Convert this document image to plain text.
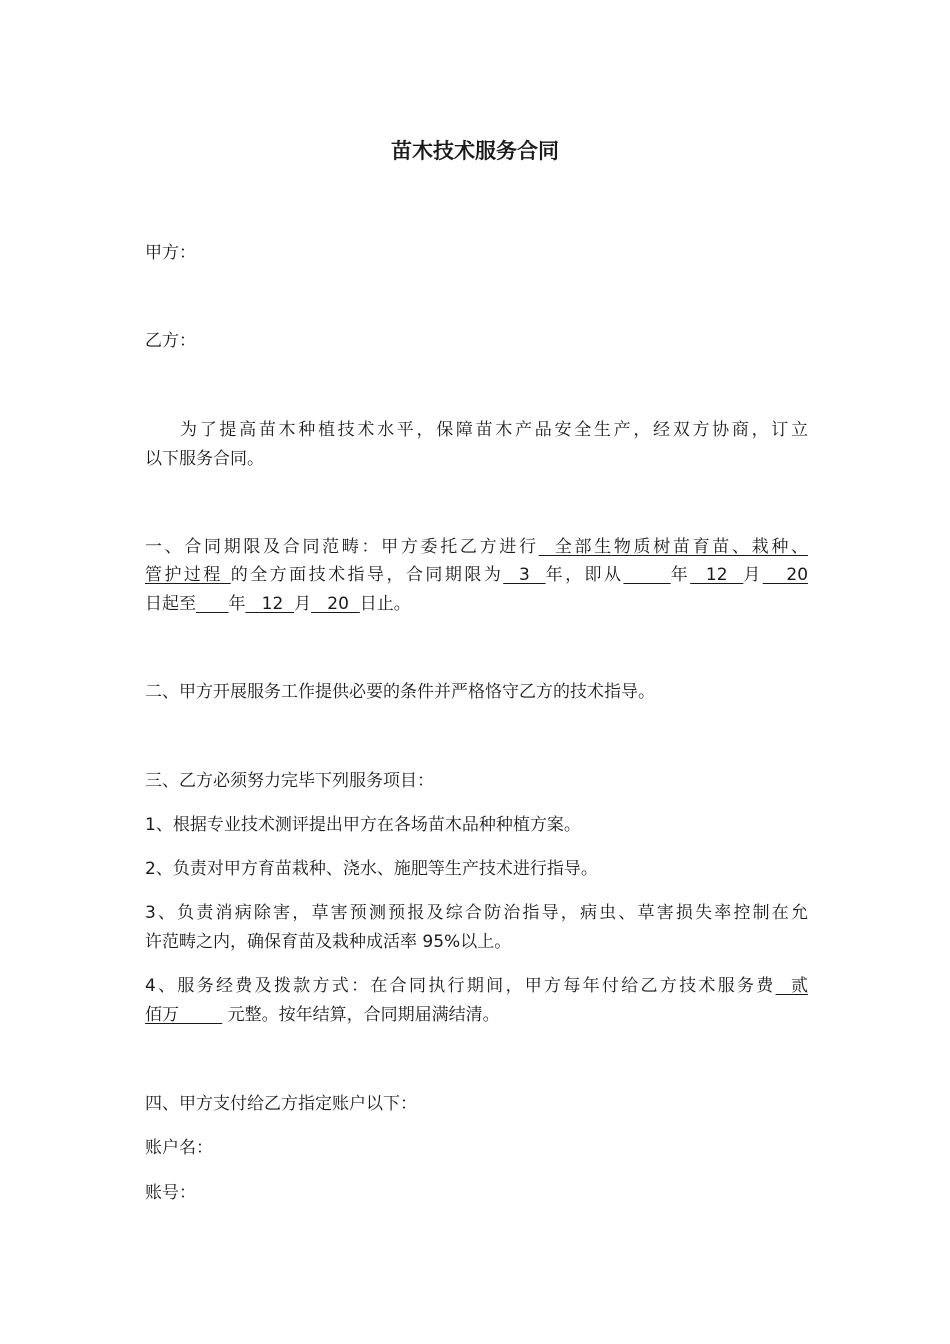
苗木技术服务合同
甲方：
乙方：
为了提高苗木种植技术水平，保障苗木产品安全生产，经双方协商，订立
以下服务合同。
一、合同期限及合同范畴：甲方委托乙方进行  全部生物质树苗育苗、栽种、
管护过程 的全方面技术指导，合同期限为  3  年，即从	年  12  月   20
日起至 年   12  月   20  日止。
二、甲方开展服务工作提供必要的条件并严格恪守乙方的技术指导。
三、乙方必须努力完毕下列服务项目：
1、根据专业技术测评提出甲方在各场苗木品种种植方案。
2、负责对甲方育苗栽种、浇水、施肥等生产技术进行指导。
3、负责消病除害，草害预测预报及综合防治指导，病虫、草害损失率控制在允
许范畴之内，确保育苗及栽种成活率 95%以上。
4、服务经费及拨款方式：在合同执行期间，甲方每年付给乙方技术服务费  贰
佰万         元整。按年结算，合同期届满结清。
四、甲方支付给乙方指定账户以下：
账户名：
账号：
